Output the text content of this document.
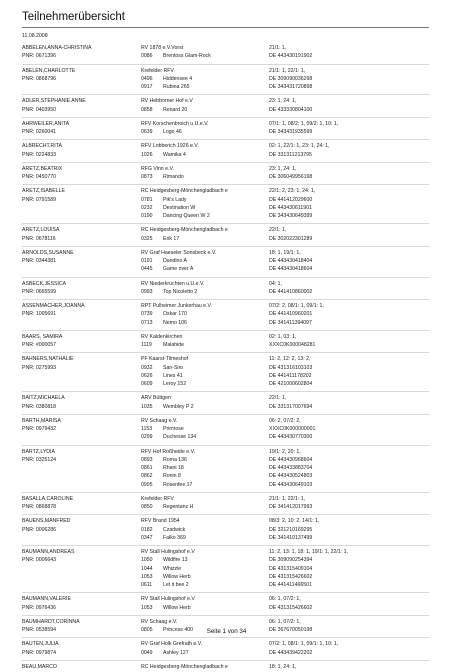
Teilnehmerübersicht
11.08.2008
ABBELEN,ANNA-CHRISTINA
PNR: 0671396
RV 1878 e.V.Vorst	21/1: 1,
0086 Brentoss Glam-Rock	DE 443430191902
ABELEN,CHARLOTTE
PNR: 0868796
Krefelder RFV	21/1: 1, 22/1: 1,
0496 Hiddensee 4	DE 309090036298
0917 Rubina 265	DE 343431720898
ADLER,STEPHANIE ANNE
PNR: 0403950
RV Hebborner Hof e.V	23: 1, 24: 1,
0858 Renard 20	DE 433330804100
AHRWEILER,ANITA
PNR: 0260041
RFV Korschenbroich u.U.e.V.	07/1: 1, 08/2: 1, 09/2: 1, 10: 1,
0639 Logo 46	DE 343431935599
ALBRECHT,RITA
PNR: 0224833
RFV Lobberich 1926 e.V.	02: 1, 22/1: 1, 23: 1, 24: 1,
1026 Wamika 4	DE 331311213795
ARETZ,BEATRIX
PNR: 0450770
RFG Vinn e.V.	23: 1, 24: 1,
0873 Rimando	DE 306049956198
ARETZ,ISABELLE
PNR: 0791589
RC Heidgesberg-Mönchengladbach e	22/1: 2, 23: 1, 24: 1,
0781 Pik's Lady	DE 441412029600
0232 Destination W	DE 443430611901
0190 Dancing Queen W 2	DE 343430649399
ARETZ,LOUISA
PNR: 0678116
RC Heidgesberg-Mönchengladbach e	22/1: 1,
0325 Erik 17	DE 302022301289
ARNOLDS,SUSANNE
PNR: 0344381
RV Graf Haeseler Sonsbeck e.V.	18: 1, 19/1: 1,
0191 Dandino A	DE 443430418404
0445 Game over A	DE 443430418604
ASBECK,JESSICA
PNR: 0665599
RV Niederkrüchten u.U.e.V.	04: 1,
0993 Top Nicoletto 2	DE 441410860002
ASSENMACHER,JOANNA
PNR: 1005691
RPT Pulheimer Junkerhau e.V.	07/2: 2, 08/1: 1, 09/1: 1,
0739 Oskar 170	DE 441410960201
0713 Nemo 106	DE 341411394097
BAARS, SAMIRA
PNR: #000057
RV Kaldenkirchen	02: 1, 03: 1,
1119 Malahide	XXXC0K000048281
BAHNERS,NATHALIE
PNR: 0275993
PF Kaarst-Tilmeshof	11: 2, 12: 2, 13: 2,
0932 San-Siro	DE 431316103103
0626 Lines 41	DE 441411178202
0609 Leroy 152	DE 421000602804
BAITZ,MICHAELA
PNR: 0380818
ARV Büttgen	22/1: 1,
1035 Wembley P 2	DE 331317007694
BARTH,MARISA
PNR: 0979432
RV Schaag e.V.	06: 2, 07/2: 2,
1153 Primrose	XXXC0K000000001
0299 Duchesse 134	DE 443430770300
BARTZ,LYDIA
PNR: 0325124
RFV Hof Roßheide e.V.	19/1: 2, 20: 1,
0893 Roma 136	DE 443430968604
0861 Rhani 18	DE 443433883704
0862 Ronin 8	DE 443430524803
0905 Rosenfee 17	DE 443430649103
BASALLA,CAROLINE
PNR: 0868878
Krefelder RFV	21/1: 1, 22/1: 1,
0850 Regentanz H	DE 341412017993
BAUENS,MANFRED
PNR: 0006286
RFV Brand 1954	08/3: 2, 10: 2, 14/1: 1,
0182 Czadwick	DE 321210169295
0347 Falko 369	DE 341410137499
BAUMANN,ANDREAS
PNR: 0006643
RV Stall Hulingshof e.V	11: 2, 13: 1, 18: 1, 19/1: 1, 22/1: 1,
1050 Wildfire 13	DE 309090254394
1044 Whizzle	DE 431315409104
1053 Willow Herb	DE 431315426602
0611 Let it bee 2	DE 441411466501
BAUMANN,VALERIE
PNR: 0976436
RV Stall Hulingshof e.V	06: 1, 07/2: 1,
1053 Willow Herb	DE 431315426602
BAUMHARDT,CORINNA
PNR: 0538594
RV Schaag e.V.	06: 1, 07/2: 1,
0805 Princess 400	DE 367670050198
BAUTEN,JULIA
PNR: 0979874
RV Graf Holk Grefrath e.V.	07/2: 1, 08/1: 1, 09/1: 1, 10: 1,
0049 Ashley 127	DE 443439422202
BEAU,MARCO	RC Heidgesberg-Mönchengladbach e	18: 1, 24: 1,
Seite 1 von 34
